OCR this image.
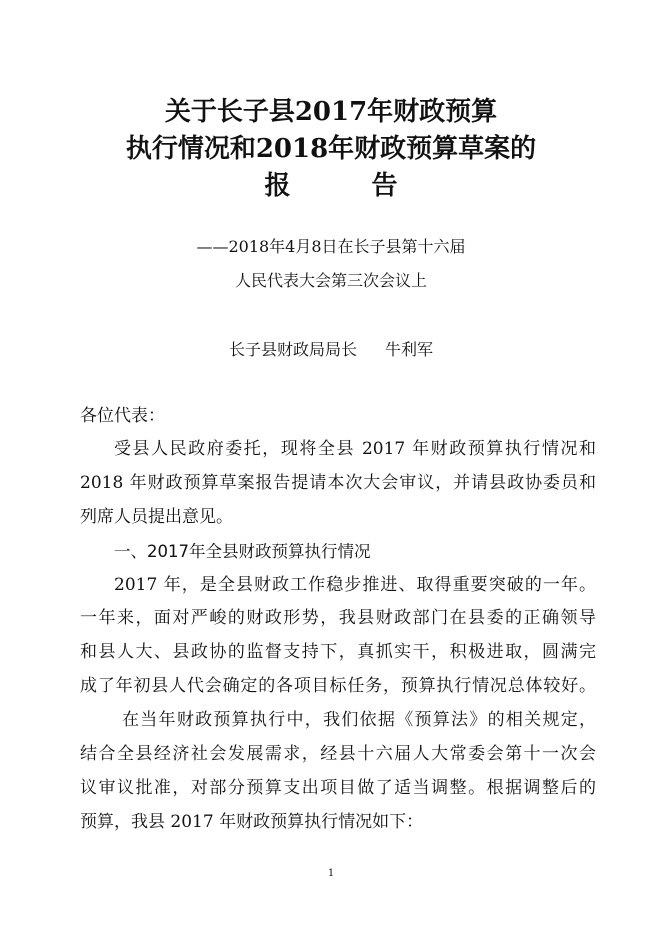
关于长子县2017年财政预算
执行情况和2018年财政预算草案的
报 告
——2018年4月8日在长子县第十六届
人民代表大会第三次会议上
长子县财政局局长 牛利军
各位代表：
受县人民政府委托，现将全县 2017 年财政预算执行情况和
2018 年财政预算草案报告提请本次大会审议，并请县政协委员和
列席人员提出意见。
一、2017年全县财政预算执行情况
2017 年，是全县财政工作稳步推进、取得重要突破的一年。
一年来，面对严峻的财政形势，我县财政部门在县委的正确领导
和县人大、县政协的监督支持下，真抓实干，积极进取，圆满完
成了年初县人代会确定的各项目标任务，预算执行情况总体较好。
在当年财政预算执行中，我们依据《预算法》的相关规定，
结合全县经济社会发展需求，经县十六届人大常委会第十一次会
议审议批准，对部分预算支出项目做了适当调整。根据调整后的
预算，我县 2017 年财政预算执行情况如下：
1
